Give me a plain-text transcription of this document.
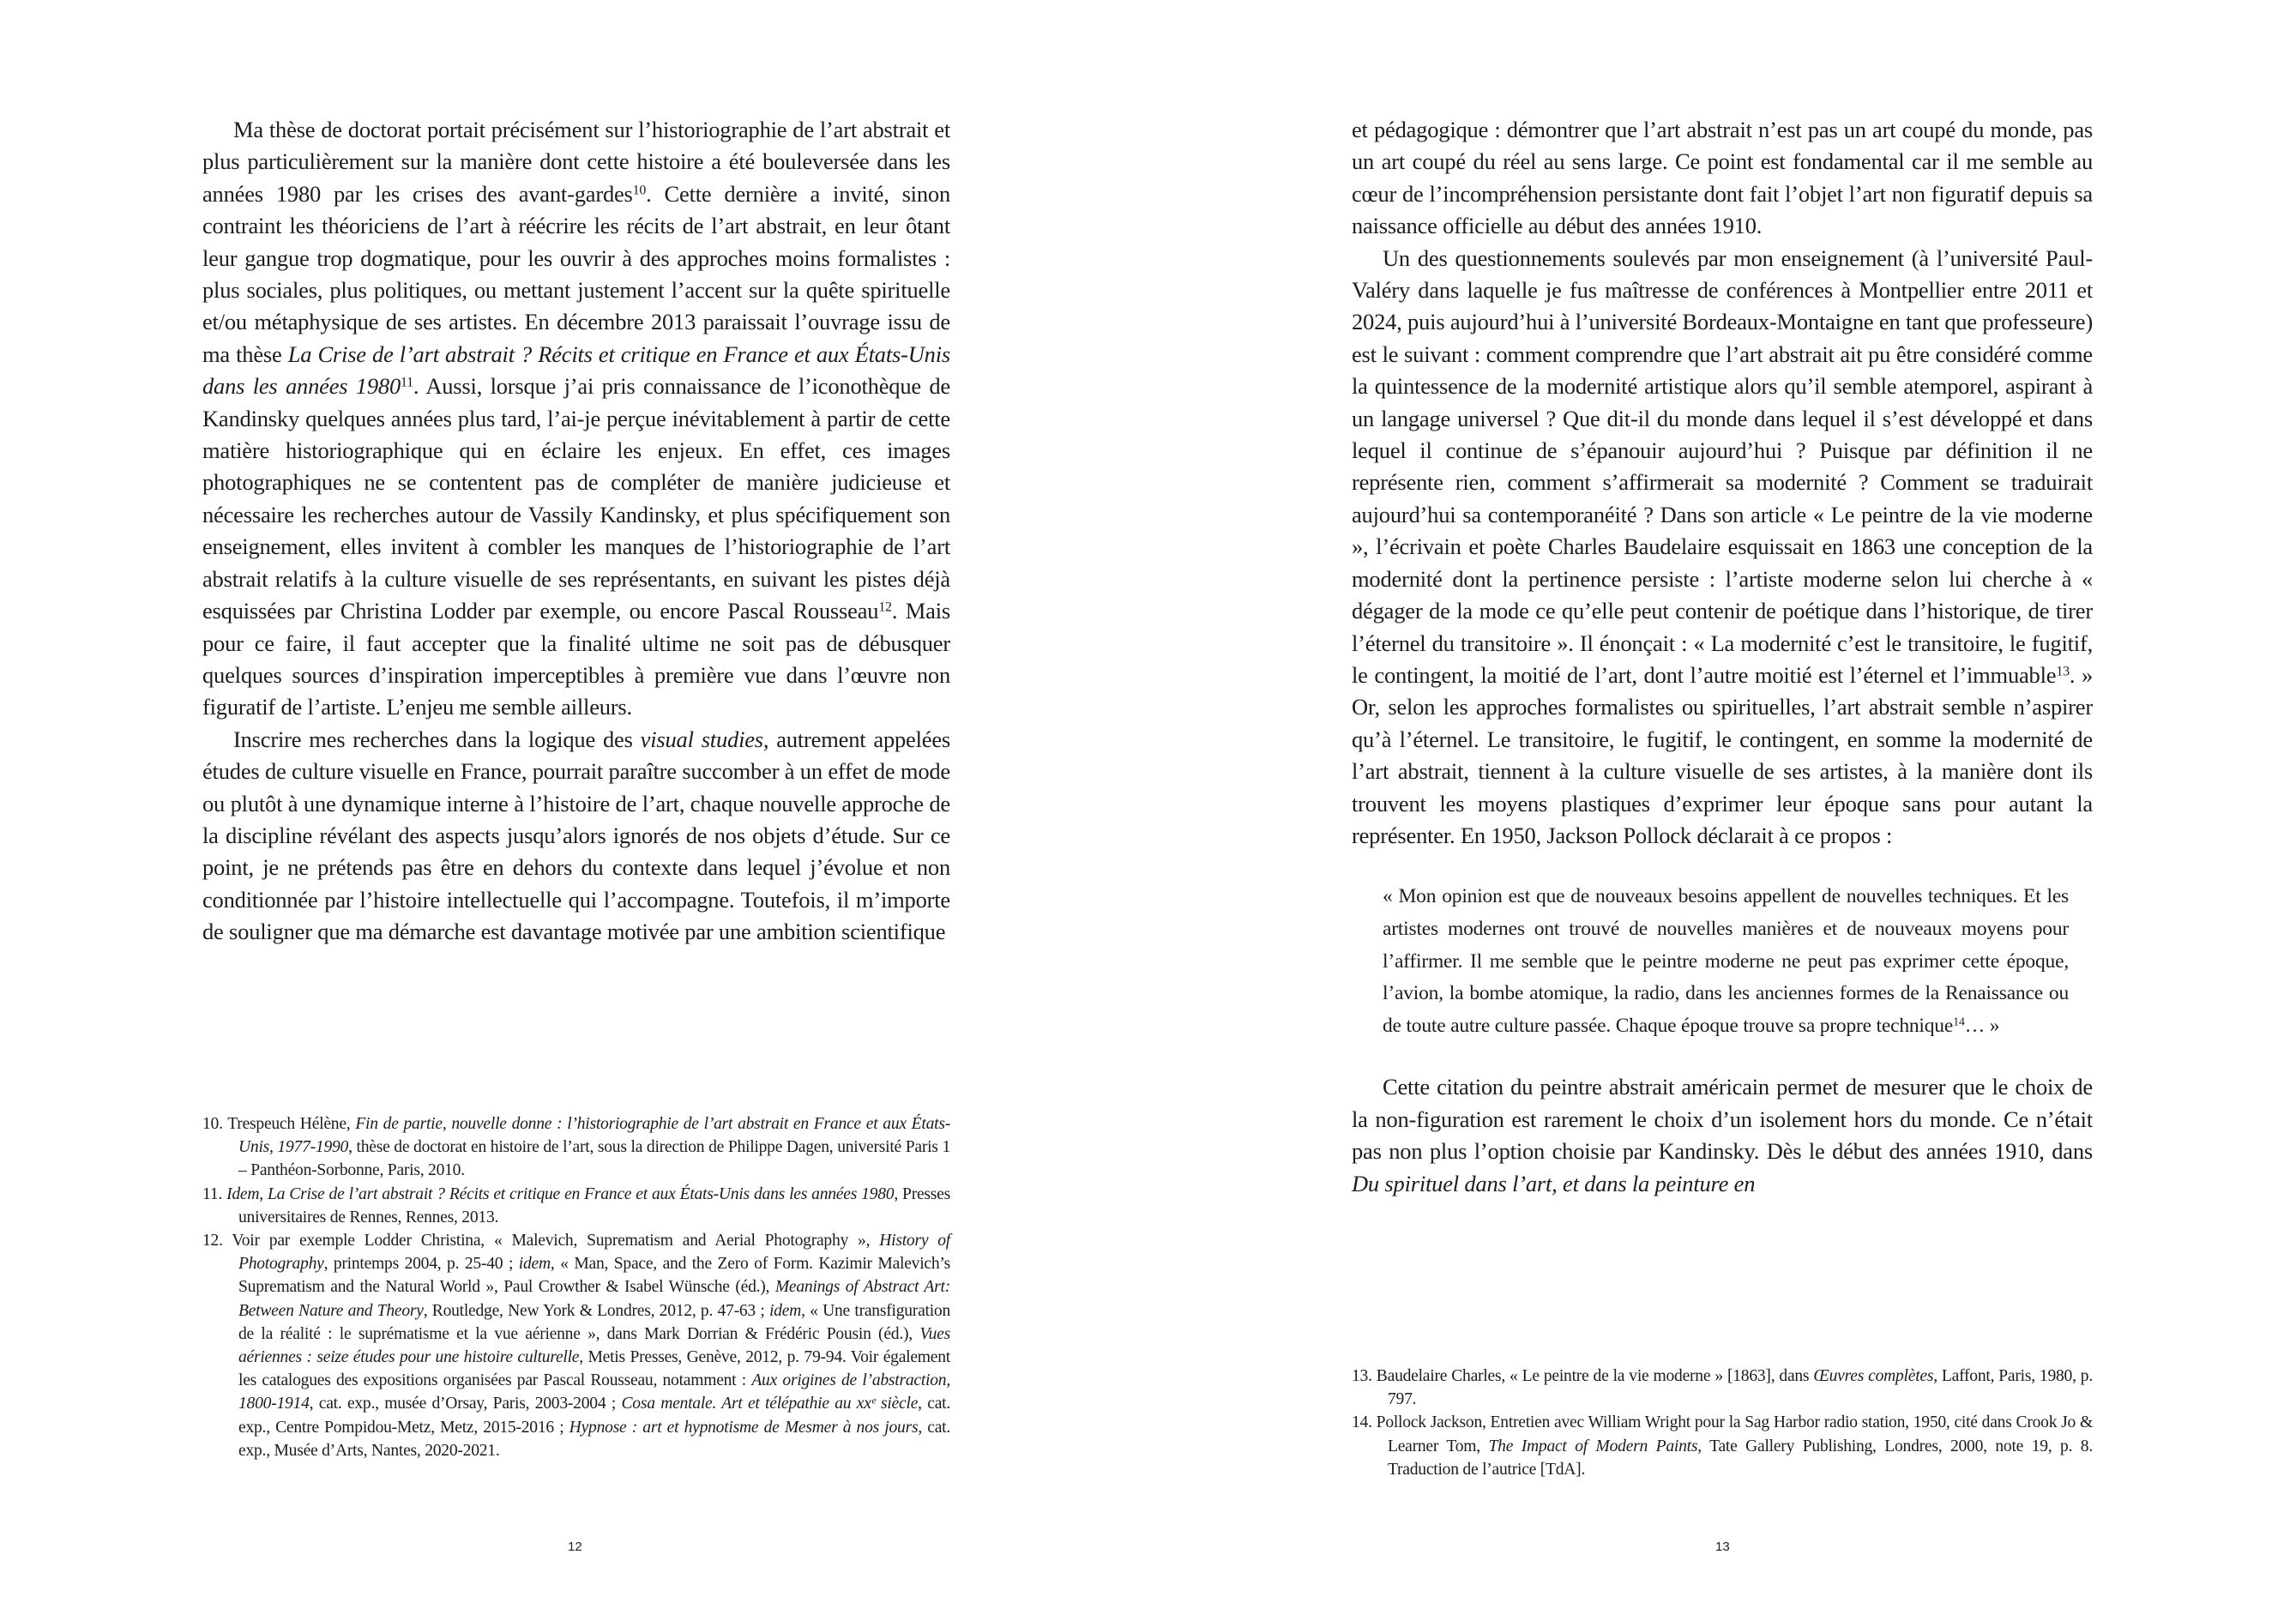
Ma thèse de doctorat portait précisément sur l’historiographie de l’art abstrait et plus particulièrement sur la manière dont cette histoire a été bouleversée dans les années 1980 par les crises des avant-gardes$^{10}$. Cette dernière a invité, sinon contraint les théoriciens de l’art à réécrire les récits de l’art abstrait, en leur ôtant leur gangue trop dogmatique, pour les ouvrir à des approches moins formalistes : plus sociales, plus politiques, ou mettant justement l’accent sur la quête spirituelle et/ou métaphysique de ses artistes. En décembre 2013 paraissait l’ouvrage issu de ma thèse La Crise de l’art abstrait ? Récits et critique en France et aux États-Unis dans les années 1980$^{11}$. Aussi, lorsque j’ai pris connaissance de l’iconothèque de Kandinsky quelques années plus tard, l’ai-je perçue inévitablement à partir de cette matière historiographique qui en éclaire les enjeux. En effet, ces images photographiques ne se contentent pas de compléter de manière judicieuse et nécessaire les recherches autour de Vassily Kandinsky, et plus spécifiquement son enseignement, elles invitent à combler les manques de l’historiographie de l’art abstrait relatifs à la culture visuelle de ses représentants, en suivant les pistes déjà esquissées par Christina Lodder par exemple, ou encore Pascal Rousseau$^{12}$. Mais pour ce faire, il faut accepter que la finalité ultime ne soit pas de débusquer quelques sources d’inspiration imperceptibles à première vue dans l’œuvre non figuratif de l’artiste. L’enjeu me semble ailleurs.

Inscrire mes recherches dans la logique des visual studies, autrement appelées études de culture visuelle en France, pourrait paraître succomber à un effet de mode ou plutôt à une dynamique interne à l’histoire de l’art, chaque nouvelle approche de la discipline révélant des aspects jusqu’alors ignorés de nos objets d’étude. Sur ce point, je ne prétends pas être en dehors du contexte dans lequel j’évolue et non conditionnée par l’histoire intellectuelle qui l’accompagne. Toutefois, il m’importe de souligner que ma démarche est davantage motivée par une ambition scientifique

10. Trespeuch Hélène, Fin de partie, nouvelle donne : l’historiographie de l’art abstrait en France et aux États-Unis, 1977-1990, thèse de doctorat en histoire de l’art, sous la direction de Philippe Dagen, université Paris 1 – Panthéon-Sorbonne, Paris, 2010.

11. Idem, La Crise de l’art abstrait ? Récits et critique en France et aux États-Unis dans les années 1980, Presses universitaires de Rennes, Rennes, 2013.

12. Voir par exemple Lodder Christina, « Malevich, Suprematism and Aerial Photography », History of Photography, printemps 2004, p. 25-40 ; idem, « Man, Space, and the Zero of Form. Kazimir Malevich’s Suprematism and the Natural World », Paul Crowther & Isabel Wünsche (éd.), Meanings of Abstract Art: Between Nature and Theory, Routledge, New York & Londres, 2012, p. 47-63 ; idem, « Une transfiguration de la réalité : le suprématisme et la vue aérienne », dans Mark Dorrian & Frédéric Pousin (éd.), Vues aériennes : seize études pour une histoire culturelle, Metis Presses, Genève, 2012, p. 79-94. Voir également les catalogues des expositions organisées par Pascal Rousseau, notamment : Aux origines de l’abstraction, 1800-1914, cat. exp., musée d’Orsay, Paris, 2003-2004 ; Cosa mentale. Art et télépathie au xxᵉ siècle, cat. exp., Centre Pompidou-Metz, Metz, 2015-2016 ; Hypnose : art et hypnotisme de Mesmer à nos jours, cat. exp., Musée d’Arts, Nantes, 2020-2021.

12

et pédagogique : démontrer que l’art abstrait n’est pas un art coupé du monde, pas un art coupé du réel au sens large. Ce point est fondamental car il me semble au cœur de l’incompréhension persistante dont fait l’objet l’art non figuratif depuis sa naissance officielle au début des années 1910.

Un des questionnements soulevés par mon enseignement (à l’université Paul-Valéry dans laquelle je fus maîtresse de conférences à Montpellier entre 2011 et 2024, puis aujourd’hui à l’université Bordeaux-Montaigne en tant que professeure) est le suivant : comment comprendre que l’art abstrait ait pu être considéré comme la quintessence de la modernité artistique alors qu’il semble atemporel, aspirant à un langage universel ? Que dit-il du monde dans lequel il s’est développé et dans lequel il continue de s’épanouir aujourd’hui ? Puisque par définition il ne représente rien, comment s’affirmerait sa modernité ? Comment se traduirait aujourd’hui sa contemporanéité ? Dans son article « Le peintre de la vie moderne », l’écrivain et poète Charles Baudelaire esquissait en 1863 une conception de la modernité dont la pertinence persiste : l’artiste moderne selon lui cherche à « dégager de la mode ce qu’elle peut contenir de poétique dans l’historique, de tirer l’éternel du transitoire ». Il énonçait : « La modernité c’est le transitoire, le fugitif, le contingent, la moitié de l’art, dont l’autre moitié est l’éternel et l’immuable$^{13}$. » Or, selon les approches formalistes ou spirituelles, l’art abstrait semble n’aspirer qu’à l’éternel. Le transitoire, le fugitif, le contingent, en somme la modernité de l’art abstrait, tiennent à la culture visuelle de ses artistes, à la manière dont ils trouvent les moyens plastiques d’exprimer leur époque sans pour autant la représenter. En 1950, Jackson Pollock déclarait à ce propos :

« Mon opinion est que de nouveaux besoins appellent de nouvelles techniques. Et les artistes modernes ont trouvé de nouvelles manières et de nouveaux moyens pour l’affirmer. Il me semble que le peintre moderne ne peut pas exprimer cette époque, l’avion, la bombe atomique, la radio, dans les anciennes formes de la Renaissance ou de toute autre culture passée. Chaque époque trouve sa propre technique$^{14}$… »

Cette citation du peintre abstrait américain permet de mesurer que le choix de la non-figuration est rarement le choix d’un isolement hors du monde. Ce n’était pas non plus l’option choisie par Kandinsky. Dès le début des années 1910, dans Du spirituel dans l’art, et dans la peinture en

13. Baudelaire Charles, « Le peintre de la vie moderne » [1863], dans Œuvres complètes, Laffont, Paris, 1980, p. 797.

14. Pollock Jackson, Entretien avec William Wright pour la Sag Harbor radio station, 1950, cité dans Crook Jo & Learner Tom, The Impact of Modern Paints, Tate Gallery Publishing, Londres, 2000, note 19, p. 8. Traduction de l’autrice [TdA].

13
